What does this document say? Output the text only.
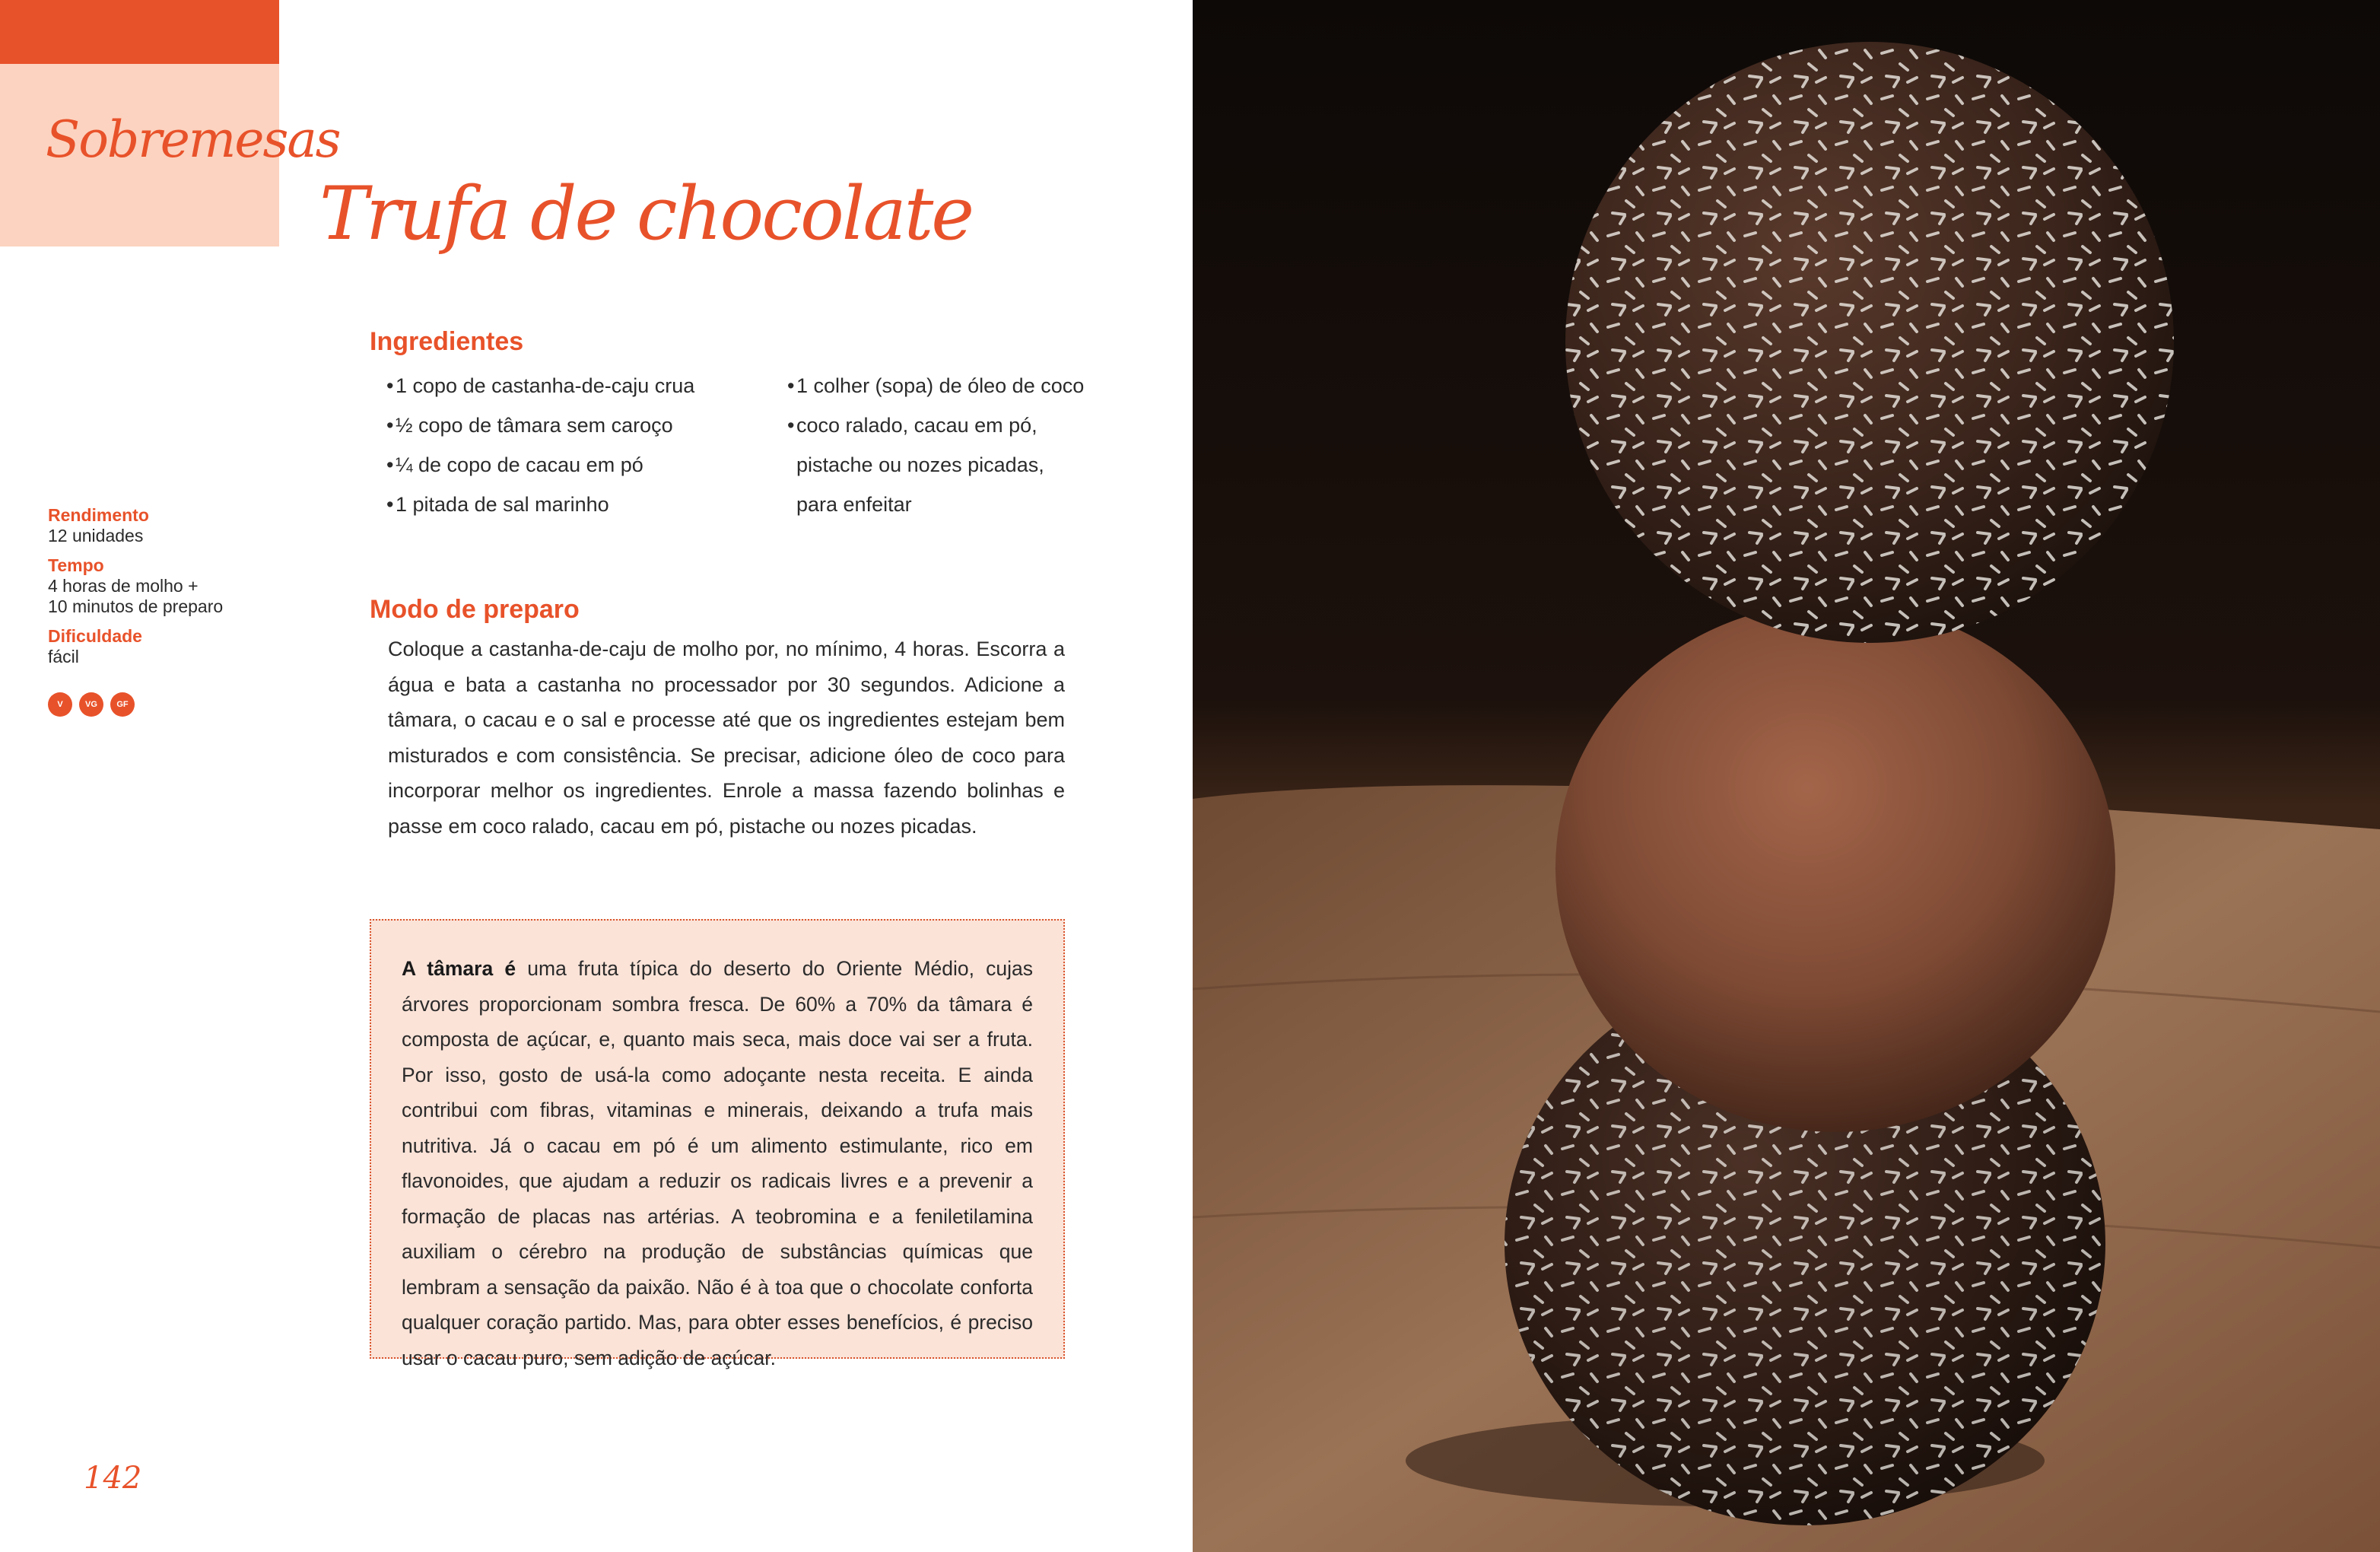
Sobremesas
Trufa de chocolate
Ingredientes
•1 copo de castanha-de-caju crua
•½ copo de tâmara sem caroço
•¼ de copo de cacau em pó
•1 pitada de sal marinho
•1 colher (sopa) de óleo de coco
•coco ralado, cacau em pó,
pistache ou nozes picadas,
para enfeitar
Rendimento
12 unidades
Tempo
4 horas de molho +
10 minutos de preparo
Dificuldade
fácil
V	VG	GF
Modo de preparo

Coloque a castanha-de-caju de molho por, no mínimo, 4 horas. Escorra a água e bata a castanha no processador por 30 segundos. Adicione a tâmara, o cacau e o sal e processe até que os ingredientes estejam bem misturados e com consistência. Se precisar, adicione óleo de coco para incorporar melhor os ingredientes. Enrole a massa fazendo bolinhas e passe em coco ralado, cacau em pó, pistache ou nozes picadas.

A tâmara é uma fruta típica do deserto do Oriente Médio, cujas árvores proporcionam sombra fresca. De 60% a 70% da tâmara é composta de açúcar, e, quanto mais seca, mais doce vai ser a fruta. Por isso, gosto de usá-la como adoçante nesta receita. E ainda contribui com fibras, vitaminas e minerais, deixando a trufa mais nutritiva. Já o cacau em pó é um alimento estimulante, rico em flavonoides, que ajudam a reduzir os radicais livres e a prevenir a formação de placas nas artérias. A teobromina e a feniletilamina auxiliam o cérebro na produção de substâncias químicas que lembram a sensação da paixão. Não é à toa que o chocolate conforta qualquer coração partido. Mas, para obter esses benefícios, é preciso usar o cacau puro, sem adição de açúcar.

142
